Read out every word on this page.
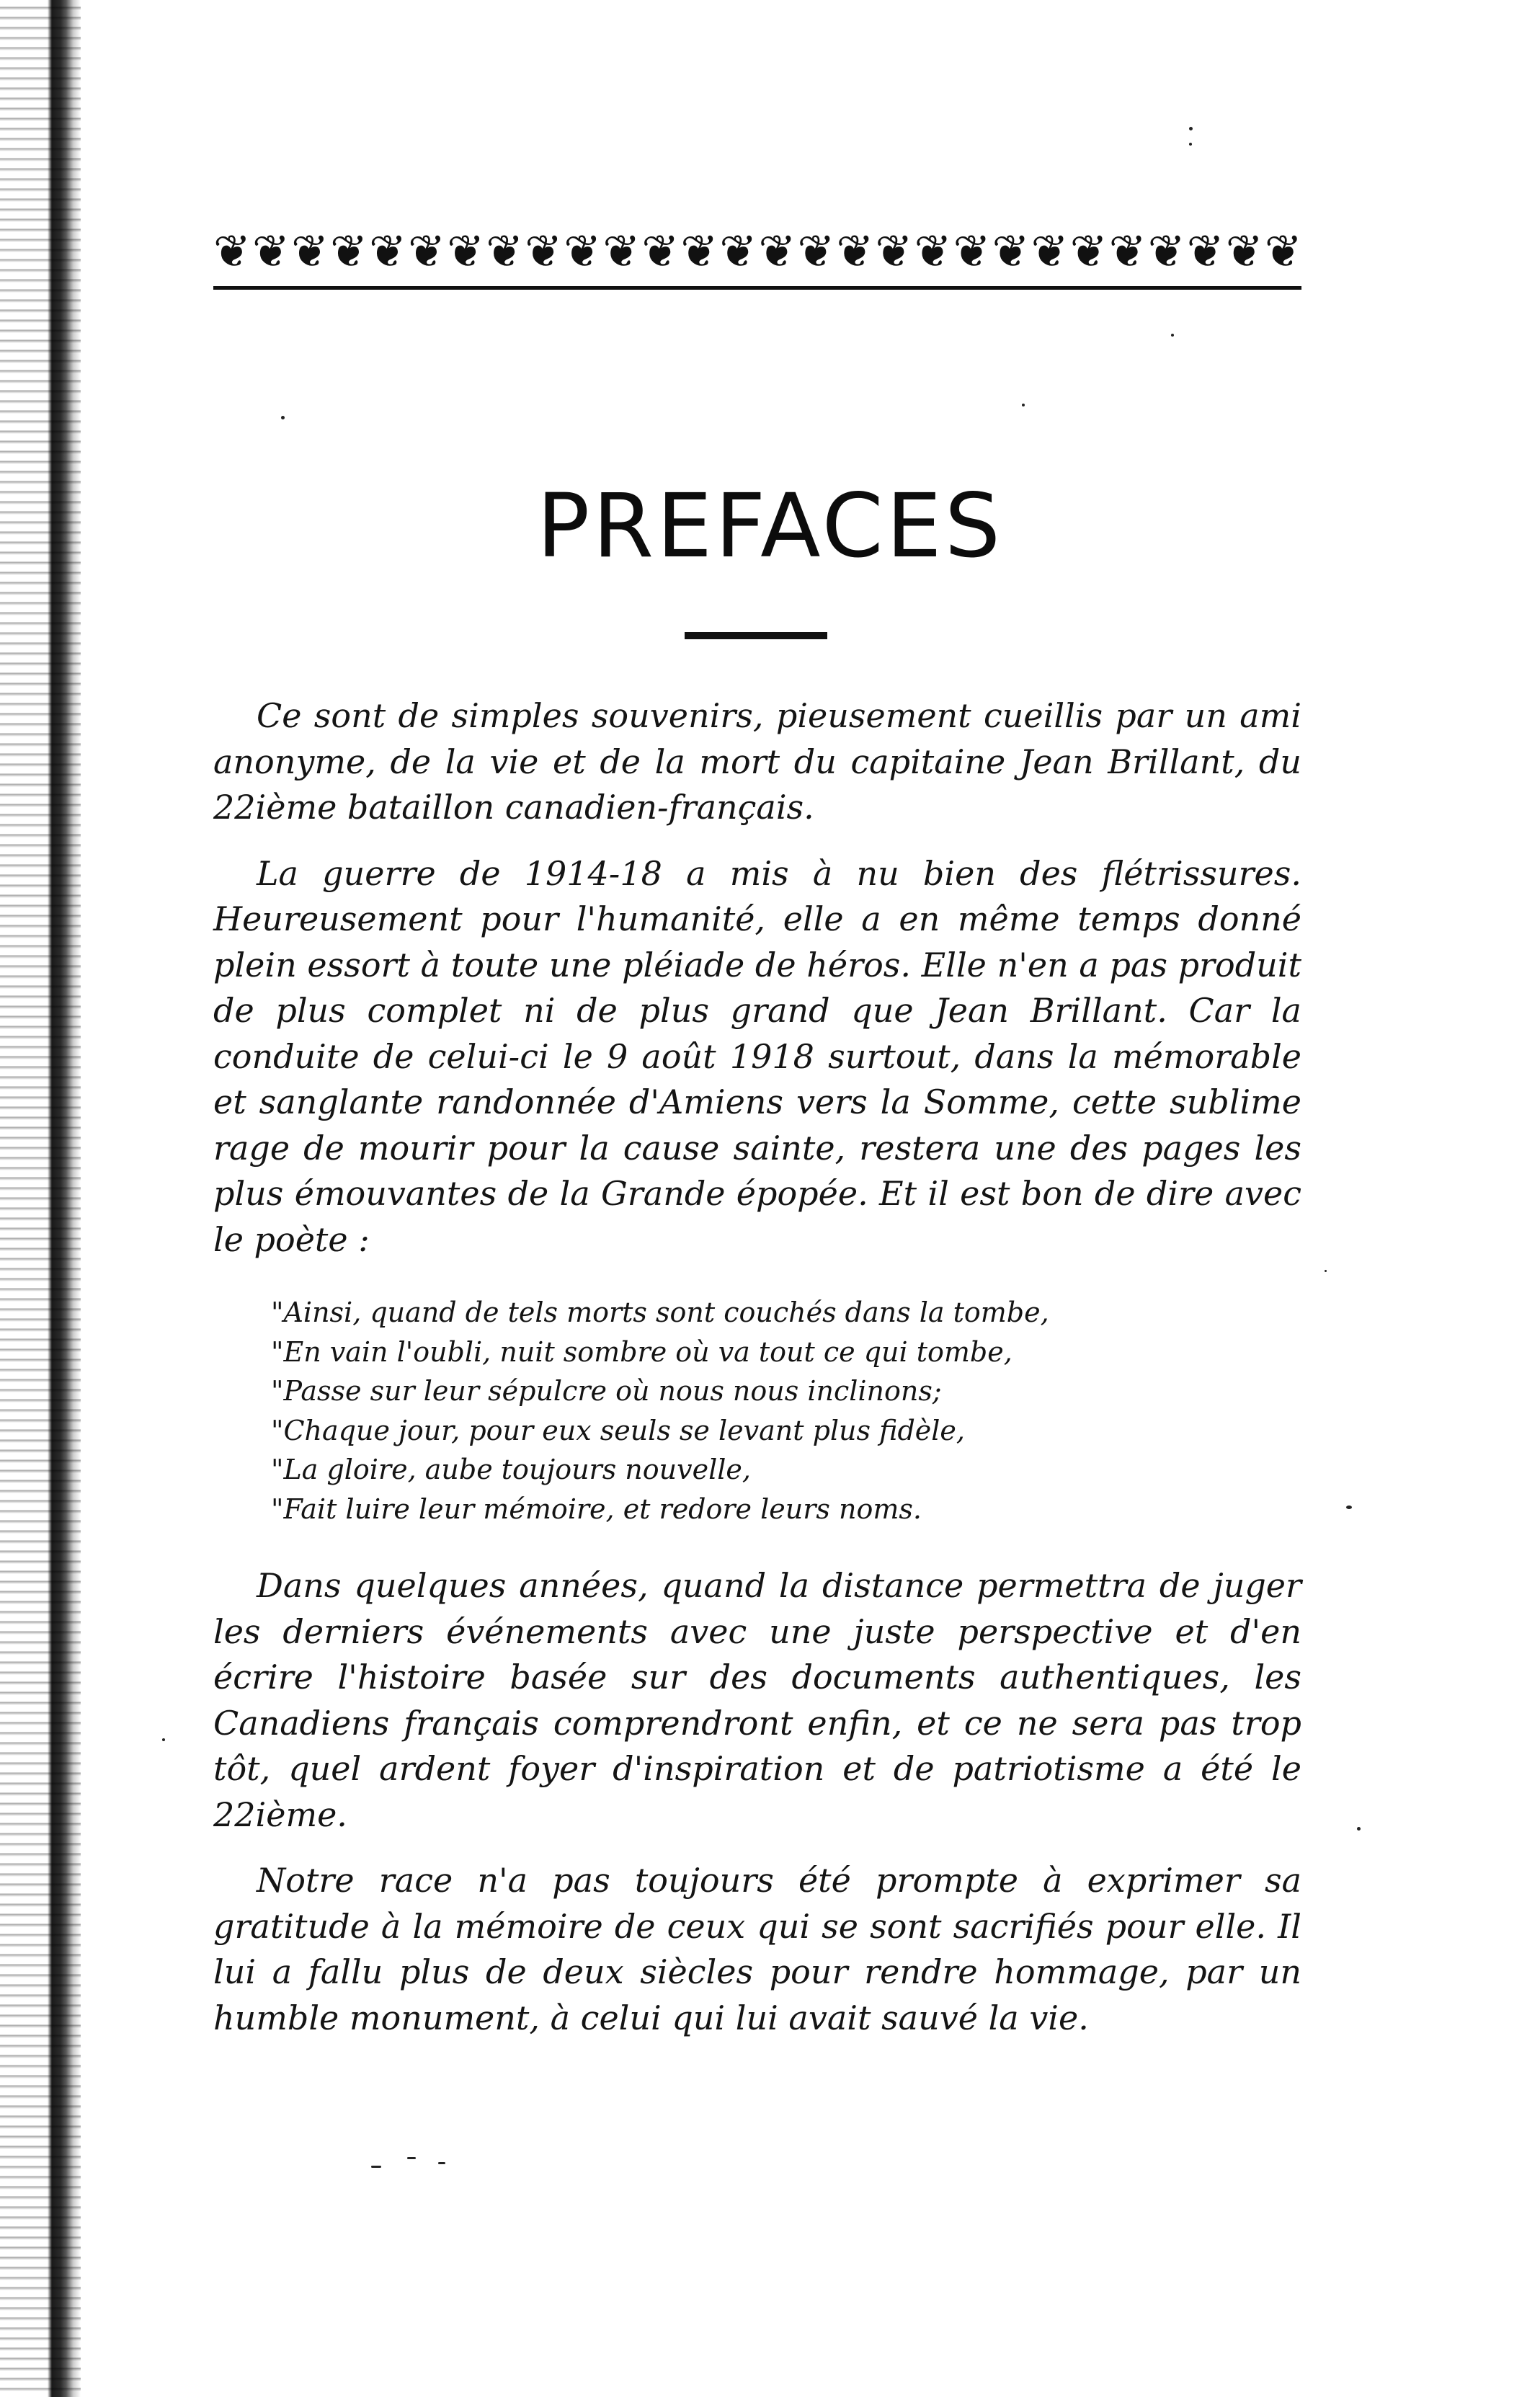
❦ ❦ ❦ ❦ ❦ ❦ ❦ ❦ ❦ ❦ ❦ ❦ ❦ ❦ ❦ ❦ ❦ ❦ ❦ ❦ ❦ ❦ ❦ ❦ ❦ ❦ ❦ ❦
PREFACES

Ce sont de simples souvenirs, pieusement cueillis par un ami anonyme, de la vie et de la mort du capitaine Jean Brillant, du 22ième bataillon canadien-français.

La guerre de 1914-18 a mis à nu bien des flétrissures. Heureusement pour l'humanité, elle a en même temps donné plein essort à toute une pléiade de héros. Elle n'en a pas produit de plus complet ni de plus grand que Jean Brillant. Car la conduite de celui-ci le 9 août 1918 surtout, dans la mémorable et sanglante randonnée d'Amiens vers la Somme, cette sublime rage de mourir pour la cause sainte, restera une des pages les plus émouvantes de la Grande épopée. Et il est bon de dire avec le poète :

"Ainsi, quand de tels morts sont couchés dans la tombe,
"En vain l'oubli, nuit sombre où va tout ce qui tombe,
"Passe sur leur sépulcre où nous nous inclinons;
"Chaque jour, pour eux seuls se levant plus fidèle,
"La gloire, aube toujours nouvelle,
"Fait luire leur mémoire, et redore leurs noms.

Dans quelques années, quand la distance permettra de juger les derniers événements avec une juste perspective et d'en écrire l'histoire basée sur des documents authentiques, les Canadiens français comprendront enfin, et ce ne sera pas trop tôt, quel ardent foyer d'inspiration et de patriotisme a été le 22ième.

Notre race n'a pas toujours été prompte à exprimer sa gratitude à la mémoire de ceux qui se sont sacrifiés pour elle. Il lui a fallu plus de deux siècles pour rendre hommage, par un humble monument, à celui qui lui avait sauvé la vie.
